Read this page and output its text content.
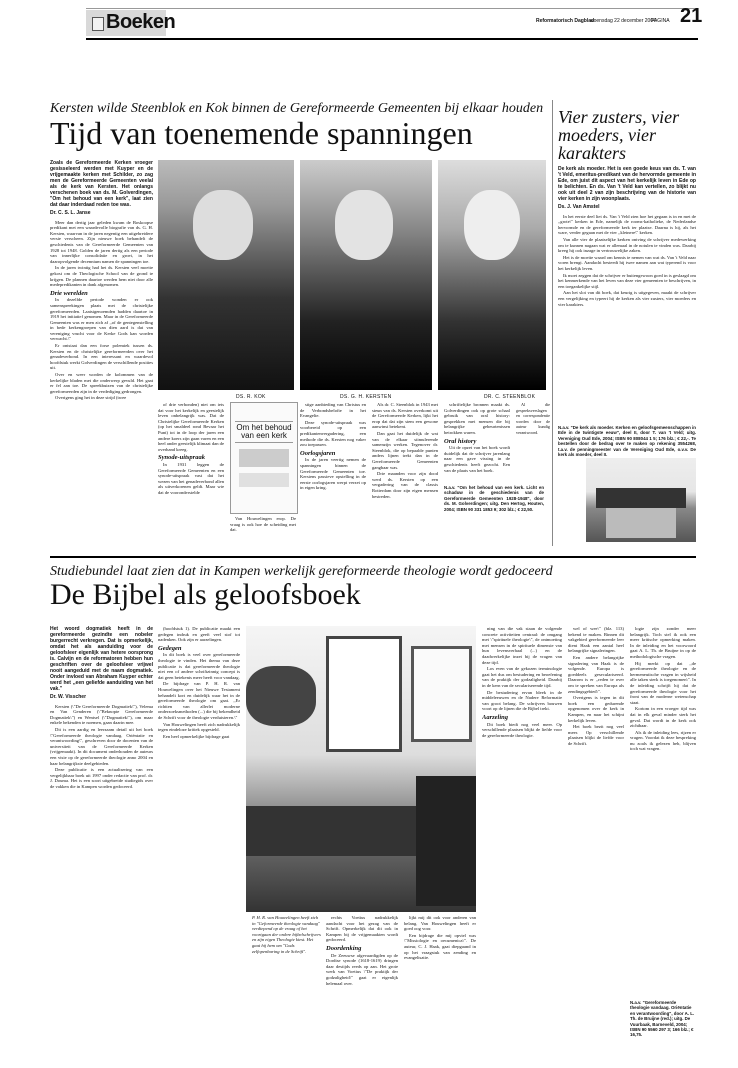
Boeken	Reformatorisch Dagblad
woensdag 22 december 2004
PAGINA 21
Kersten wilde Steenblok en Kok binnen de Gereformeerde Gemeenten bij elkaar houden
Tijd van toenemende spanningen
Zoals de Gereformeerde Kerken vroeger gesisseleerd werden met Kuyper en de vrijgemaakte kerken met Schilder, zo zag men de Gereformeerde Gemeenten veelal als de kerk van Kersten. Het onlangs verschenen boek van ds. M. Golverdingen, "Om het behoud van een kerk", laat zien dat daar inderdaad reden toe was.
Dr. C. S. L. Janse

Meer dan dertig jaar geleden kwam de Boskoopse predikant met een waardevolle biografie van ds. G. H. Kersten, waarvan in de jaren negentig een uitgebreidere versie verscheen. Zijn nieuwe boek behandelt de geschiedenis van de Gereformeerde Gemeenten van 1928 tot 1948. Golden de jaren dertig als een periode van innerlijke consolidatie en groei, in het daaropvolgende decennium namen de spanningen toe.

In de jaren twintig had het ds. Kersten veel moeite gekost om de Theologische School van de grond te krijgen. De plannen daartoe werden hem niet door alle medepredikanten in dank afgenomen.

Drie werelden

In dezelfde periode wonden er ook samenspreekingen plaats met de christelijke gereformeerden. Laatstgenoemden hadden daartoe in 1919 het initiatief genomen. Maar in de Gereformeerde Gemeenten was er men zich af ,,of de gentegenstelling in bede kerkengroepen van dien aard is dat van vereniging vrucht voor de Kerke Gods kan worden verwacht.\"

Er ontstaat dan een forse polemiek tussen ds. Kersten en de christelijke gereformeerden over het genadeverbond. In een interessant en waardevol hoofdstuk werkt Golverdingen de verschillende posities uit.

Over en weer worden de kolommen van de kerkelijke bladen met die onderwerp gevuld. Het gaat er fel aan toe. De spreekbuizen van de christelijke gereformeerden zijn in de verdediging gedrongen.

Overigens ging het in deze strijd (twee

of drie verbonden) niet om iets dat voor het kerkelijk en geestelijk leven onbelangrijk was. Dat de Christelijke Gereformeerde Kerken (op het smaldeel rond Bevaar het Punt) tot in de loop der jaren een andere koers zijn gaan varen en een heel ander geestelijk klimaat dan de overhand kreeg.

Synode-uitspraak

In 1931 leggen de Gereformeerde Gemeenten en een synode-uitspraak vast dat het wezen van het genadeverbond allen als uitverkorenen geldt. Maar wie dat de vooronderstelde

Om het behoud van een kerk

Van Houwelingen erop. De vraag is ook hoe de scheiding met dat.

DS. R. KOK	DS. G. H. KERSTEN	DR. C. STEENBLOK

stige aanbieding van Christus en de Verbondsbelofte in het Evangelie.

Deze synode-uitspraak was voorbereid op een predikantenvergadering, een methode die ds. Kersten nog vaker zou toepassen.

Oorlogsjaren

In de jaren veertig nemen de spanningen binnen de Gereformeerde Gemeenten toe. Kerstens passieve opstelling in de eerste oorlogsjaren werpt verzet op in eigen kring.

Als dr. C. Steenblok in 1943 met steun van ds. Kersten overkomt uit de Gereformeerde Kerken, lijkt het erop dat dat zijn stem een gewone aanwinst betekent.

Dan gaat het duidelijk de wat van de elkaar stimulerende samenzijn werken. Tegenover dr. Steenblok, die op bepaalde punten anders lijnen trekt dan in de Gereformeerde Gemeenten gangbaar was.

Drie maanden voor zijn dood werd ds. Kersten op een vergadering van de classis Rotterdam door zijn eigen mensen bestreden.

schriftelijke bronnen maakt ds. Golverdingen ook op grote schaal gebruik van oral history: gesprekken met mensen die bij belangrijke gebeurtenissen betrokken waren.

Oral history

Uit de opzet van het boek wordt duidelijk dat de schrijver jarenlang naar een gave vissing in de geschiedenis heeft gezocht. Een van de plaats van het boek.

Al die gespreksverslagen en correspondentie worden door de auteur kundig verantwoord.

N.a.v. "Om het behoud van een kerk. Licht en schaduw in de geschiedenis van de Gereformeerde Gemeenten 1928-1948", door ds. M. Golverdingen; uitg. Den Hertog, Houten, 2004; ISBN 90 331 1853 9; 302 blz.; € 22,50.
Vier zusters, vier moeders, vier karakters
De kerk als moeder. Het is een goede keus van ds. T. van 't Veld, emeritus-predikant van de hervormde gemeente in Ede, om juist dit aspect van het kerkelijk leven in Ede op te belichten. En ds. Van 't Veld kan vertellen, zo blijkt nu ook uit deel 2 van zijn beschrijving van de historie van vier kerken in zijn woonplaats.
Ds. J. Van Amstel

In het eerste deel liet ds. Van 't Veld zien hoe het gegaan is in en met de ,,grote\" kerken in Ede, namelijk de rooms-katholieke, de Nederlandse hervormde en de gereformeerde kerk ter plaatse. Daarna is hij, als het ware, verder gegaan met de vier ,,kleinere\" kerken.

Van alle vier de plaatselijke kerken ontving de schrijver medewerking om te kunnen nagaan wat er allemaal in de notulen te vinden was. Daarbij kreeg hij ook inzage in vertrouwelijke zaken.

Het is de moeite waard om kennis te nemen van wat ds. Van 't Veld naar voren brengt. Aandacht besteedt hij twee namen aan wat typerend is voor het kerkelijk leven.

Ik moet zeggen dat de schrijver er buitengewoon goed in is geslaagd om het kenmerkende van het leven van deze vier gemeenten te beschrijven, in een toegankelijke stijl.

Aan het slot van dit boek, dat keurig is uitgegeven, maakt de schrijver een vergelijking en typeert hij de kerken als vier zusters, vier moeders en vier karakters.

N.a.v. "De kerk als moeder. Kerken en geloofsgemeenschappen in Ede in de twintigste eeuw", deel II, door T. van 't Veld; uitg. Vereniging Oud Ede, 2004; ISBN 90 808044 1 5; 176 blz.; € 22,-. Te bestellen door de bedrag over te maken op rekening 3554268, t.a.v. de penningmeester van de Vereniging Oud Ede, o.v.v. De kerk als moeder, deel II.
Studiebundel laat zien dat in Kampen werkelijk gereformeerde theologie wordt gedoceerd
De Bijbel als geloofsboek
Het woord dogmatiek heeft in de gereformeerde gezindte een nobeler burgerrecht verkregen. Dat is opmerkelijk, omdat het als aanduiding voor de geloofsleer eigenlijk van hetere oorsprong is. Calvijn en de reformatoren hebben hun geschriften over de geloofsleer vrijwel nooit aangeduid met de naam dogmatiek. Onder invloed van Abraham Kuyper echter werd het ,,een geliefde aanduiding van het vak."
Dr. W. Visscher

Kersten (\"De Gereformeerde Dogmatiek\"), Velema en Van Genderen (\"Beknopte Gereformeerde Dogmatiek\") en Wentsel (\"Dogmatiek\"), om maar enkele bekenden te noemen, gaan daarin mee.

Dit is een aardig en leerzaam detail uit het boek \"Gereformeerde theologie vandaag. Oriëntatie en verantwoording\", geschreven door de docenten van de universiteit van de Gereformeerde Kerken (vrijgemaakt). In dit document onderhouden de auteurs een visie op de gereformeerde theologie anno 2004 en haar belangrijkste deelgebieden.

Deze publicatie is een actualisering van een vergelijkbaar boek uit 1997 onder redactie van prof. dr. J. Douma. Het is een soort uitgebreide studiegids over de vakken die in Kampen worden gedoceerd.

(hoofdstuk 1). De publicatie maakt een gedegen indruk en geeft veel stof tot nadenken. Ook zijn er aarzelingen.

Gedegen

In dit boek is veel over gereformeerde theologie te vinden. Het thema van deze publicatie is dat gereformeerde theologie niet een of andere schriftzinnig concept is dat geen betekenis meer heeft voor vandaag.

De bijdrage van P. H. R. van Houwelingen over het Nieuwe Testament behandelt kort en duidelijk waar het in de gereformeerde theologie om gaat. ,,Er richtten van allerlei moderne onderzoeksmethoden (...) die bij bekendheid de Schrift voor de theologie verduisteren.\"

Van Houwelingen heeft zich nadrukkelijk tegen eindeloze kritiek opgesteld.

Een heel opmerkelijke bijdrage gaat

P. H. R. van Houwelingen heeft zich in "Geformeerde theologie vandaag" verdiepend op de vraag of het voortgaan der ordere bijbelschrijvers en zijn eigen Theologie kiest. Het gaat hij hem om "Gods zelfopenbaring in de Schrift".

rechts Voetius nadrukkelijk aandacht voor het gezag van de Schrift. Opmerkelijk dat dit ook in Kampen bij de vrijgemaakten wordt gedoceerd.

Doordenking

De Zeeuwse afgevaardigden op de Dordtse synode (1618-1619) dringen daar destijds reeds op aan. Het grote werk van Voetius \"De praktijk der godzaligheid\" gaat er eigenlijk helemaal over.

lijkt mij dit ook voor anderen van belang. Van Houwelingen heeft er goed oog voor.

Een bijdrage die mij opviel was \"Missiologie en oecumenica\". De auteur, C. J. Haak, gaat diepgaand in op het vraagstuk van zending en evangelisatie.

ning van die vak staan de volgende concrete activiteiten centraal: de omgang met \"spirituele theologie\", de ontmoeting met mensen in de spirituele dimensie van hun levensverhaal (...) en de daadwerkelijke inzet bij de vragen van deze tijd.

Los even van de gekozen terminologie gaat het dus om bestudering en beoefening van de praktijk der godzaligheid. Daarbij in de kern van de seculariserende tijd.

De bestudering ervan bleek in de middeleeuwen en de Nadere Reformatie van groot belang. De schrijvers bouwen voort op de lijnen die de Bijbel trekt.

Aarzeling

Dit boek biedt nog veel meer. Op verschillende plaatsen blijkt de liefde voor de gereformeerde theologie.

wel of wee\" (blz. 113) bekend te maken. Binnen dit vakgebied gereformeerde leer dient Haak een aantal heel belangrijke signaleringen.

Een andere belangrijke signalering van Haak is de volgende. Europa is goeddeels geseculariseerd. Daarom is er ,,reden te over om te spreken van Europa als zendingsgebied\".

Overigens is tegen in dit boek een gedurende opgenomen over de kerk in Kampen, en naar het schijnt kerkelijk leven.

Het boek bezit nog veel meer. Op verschillende plaatsen blijkt de liefde voor de Schrift.

logie zijn zonder meer belangrijk. Toch stel ik ook een meer kritische opmerking maken. In de inleiding en het voorwoord gaat A. L. Th. de Bruijne in op de methodologische vragen.

Hij merkt op dat ,,de gereformeerde theologie en de hermeneutische vragen in wijsheid alle taken sterk is toegenomen\". In de inleiding schrijft hij dat de gereformeerde theologie voor het front van de moderne wetenschap staat.

Kortom in een vroeger tijd was dat in elk geval minder sterk het geval. Dat wordt in de kerk ook zichtbaar.

Als ik de inleiding lees, rijzen er vragen. Voordat ik deze bespreking nu zoals ik gelezen heb, blijven toch wat vragen.

N.a.v. "Gereformeerde theologie vandaag. Oriëntatie en verantwoording", door A. L. Th. de Bruijne (red.); uitg. De Vuurbaak, Barneveld, 2004; ISBN 90 5560 297 3; 166 blz.; € 16,75.
